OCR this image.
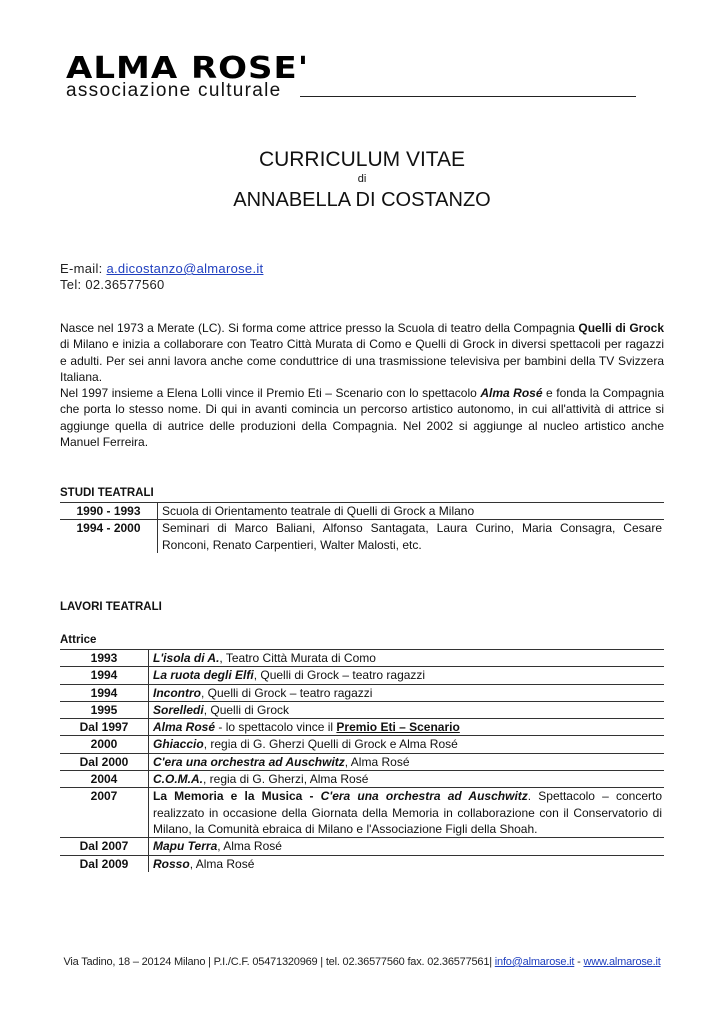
ALMA ROSE'
associazione culturale
CURRICULUM VITAE
di
ANNABELLA DI COSTANZO
E-mail: a.dicostanzo@almarose.it
Tel: 02.36577560

Nasce nel 1973 a Merate (LC). Si forma come attrice presso la Scuola di teatro della Compagnia Quelli di Grock di Milano e inizia a collaborare con Teatro Città Murata di Como e Quelli di Grock in diversi spettacoli per ragazzi e adulti. Per sei anni lavora anche come conduttrice di una trasmissione televisiva per bambini della TV Svizzera Italiana.

Nel 1997 insieme a Elena Lolli vince il Premio Eti – Scenario con lo spettacolo Alma Rosé e fonda la Compagnia che porta lo stesso nome. Di qui in avanti comincia un percorso artistico autonomo, in cui all'attività di attrice si aggiunge quella di autrice delle produzioni della Compagnia. Nel 2002 si aggiunge al nucleo artistico anche Manuel Ferreira.

STUDI TEATRALI
1990 - 1993	Scuola di Orientamento teatrale di Quelli di Grock a Milano
1994 - 2000	Seminari di Marco Baliani, Alfonso Santagata, Laura Curino, Maria Consagra, Cesare Ronconi, Renato Carpentieri, Walter Malosti, etc.
LAVORI TEATRALI
Attrice
1993	L'isola di A., Teatro Città Murata di Como
1994	La ruota degli Elfi, Quelli di Grock – teatro ragazzi
1994	Incontro, Quelli di Grock – teatro ragazzi
1995	Sorelledi, Quelli di Grock
Dal 1997	Alma Rosé - lo spettacolo vince il Premio Eti – Scenario
2000	Ghiaccio, regia di G. Gherzi Quelli di Grock e Alma Rosé
Dal 2000	C'era una orchestra ad Auschwitz, Alma Rosé
2004	C.O.M.A., regia di G. Gherzi, Alma Rosé
2007	La Memoria e la Musica - C'era una orchestra ad Auschwitz. Spettacolo – concerto realizzato in occasione della Giornata della Memoria in collaborazione con il Conservatorio di Milano, la Comunità ebraica di Milano e l'Associazione Figli della Shoah.
Dal 2007	Mapu Terra, Alma Rosé
Dal 2009	Rosso, Alma Rosé
Via Tadino, 18 – 20124 Milano | P.I./C.F. 05471320969 | tel. 02.36577560 fax. 02.36577561| info@almarose.it - www.almarose.it
